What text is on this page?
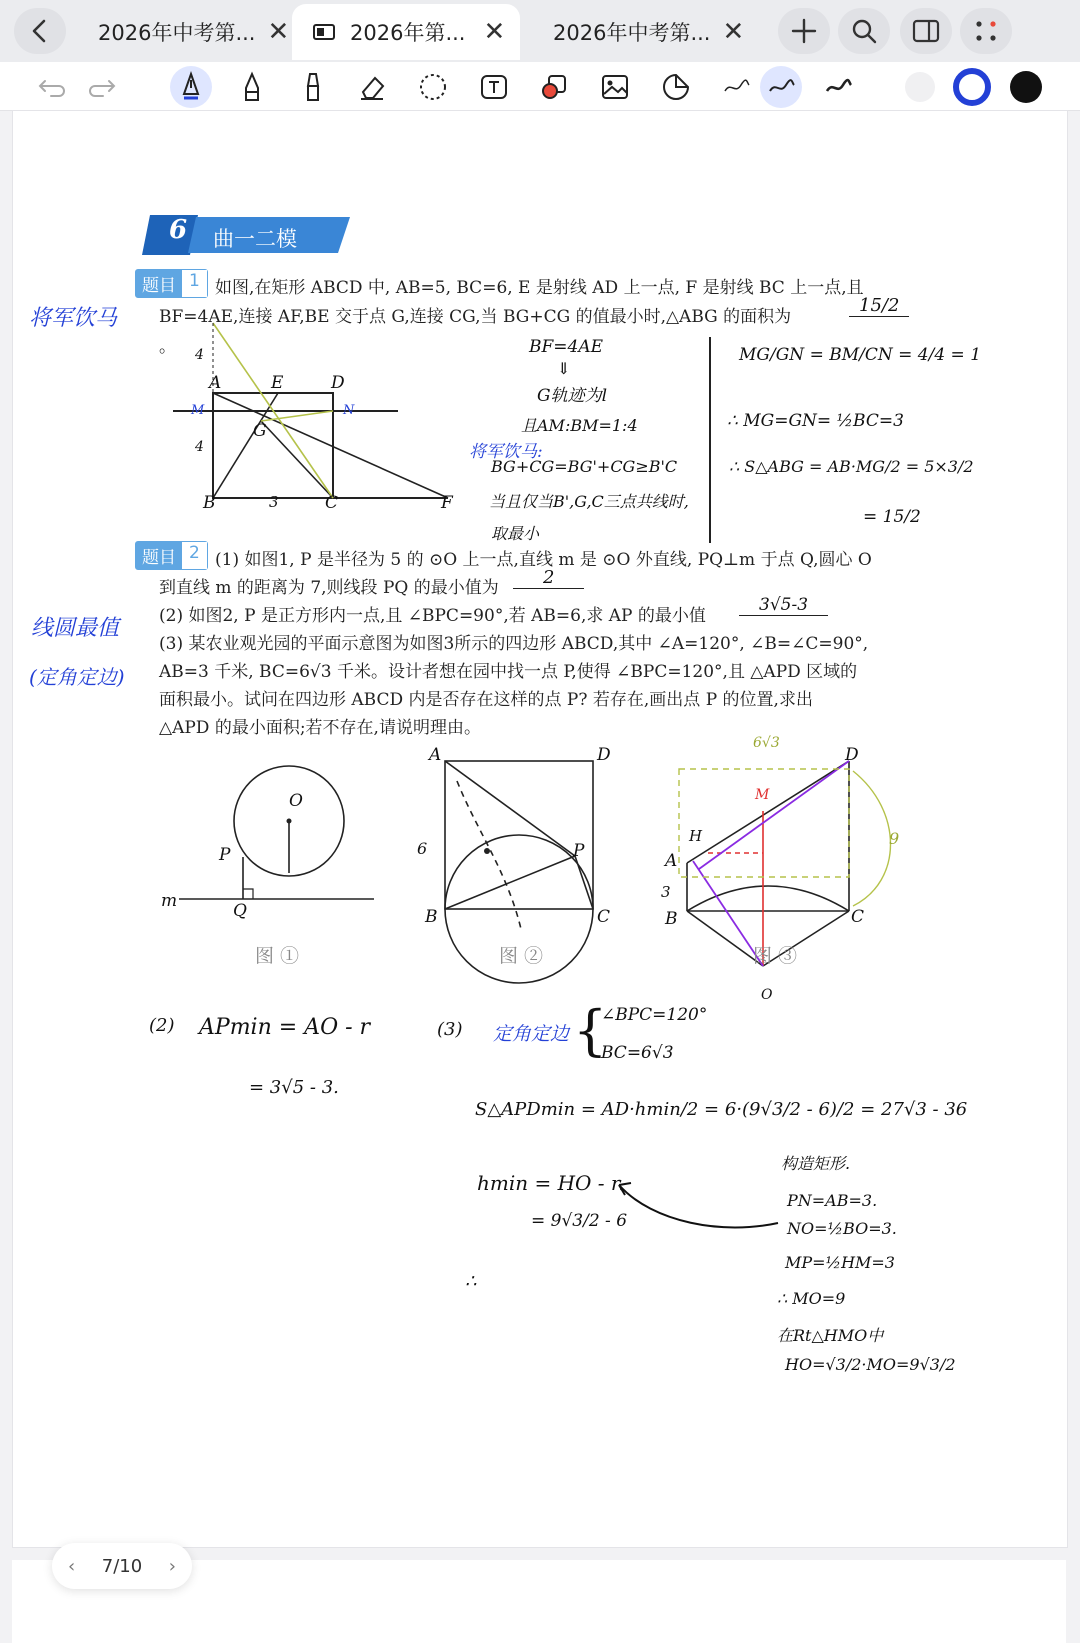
2026年中考第... ✕	2026年第... ✕ 2026年中考第... ✕
6 曲一二模
题目 1 如图,在矩形 ABCD 中, AB=5, BC=6, E 是射线 AD 上一点, F 是射线 BC 上一点,且
BF=4AE,连接 AF,BE 交于点 G,连接 CG,当 BG+CG 的值最小时,△ABG 的面积为
15/2
。
将军饮马
A	E	D
B	3	C	F
G
M	N
4
4
BF=4AE
⇓
G轨迹为l
且AM:BM=1:4
将军饮马:
BG+CG=BG'+CG≥B'C
当且仅当B',G,C三点共线时,
取最小
MG/GN = BM/CN = 4/4 = 1
∴ MG=GN= ½BC=3
∴ S△ABG = AB·MG/2 = 5×3/2
= 15/2
题目 2 (1) 如图1, P 是半径为 5 的 ⊙O 上一点,直线 m 是 ⊙O 外直线, PQ⊥m 于点 Q,圆心 O
到直线 m 的距离为 7,则线段 PQ 的最小值为	2
(2) 如图2, P 是正方形内一点,且 ∠BPC=90°,若 AB=6,求 AP 的最小值
3√5-3
(3) 某农业观光园的平面示意图为如图3所示的四边形 ABCD,其中 ∠A=120°, ∠B=∠C=90°,
AB=3 千米, BC=6√3 千米。设计者想在园中找一点 P,使得 ∠BPC=120°,且 △APD 区域的
面积最小。试问在四边形 ABCD 内是否存在这样的点 P? 若存在,画出点 P 的位置,求出
△APD 的最小面积;若不存在,请说明理由。
线圆最值
(定角定边)
O
P
m	Q
图 ①
A	D
B	C
P
6
图 ②
D
A
B	C
H
M
O
3
9
6√3
图 ③
(2) APmin = AO - r
= 3√5 - 3.
(3) 定角定边 {
∠BPC=120°
BC=6√3
S△APDmin = AD·hmin/2 = 6·(9√3/2 - 6)/2 = 27√3 - 36
hmin = HO - r.
= 9√3/2 - 6
∴
构造矩形.
PN=AB=3.
NO=½BO=3.
MP=½HM=3
∴ MO=9
在Rt△HMO中
HO=√3/2·MO=9√3/2
‹ 7/10 ›
